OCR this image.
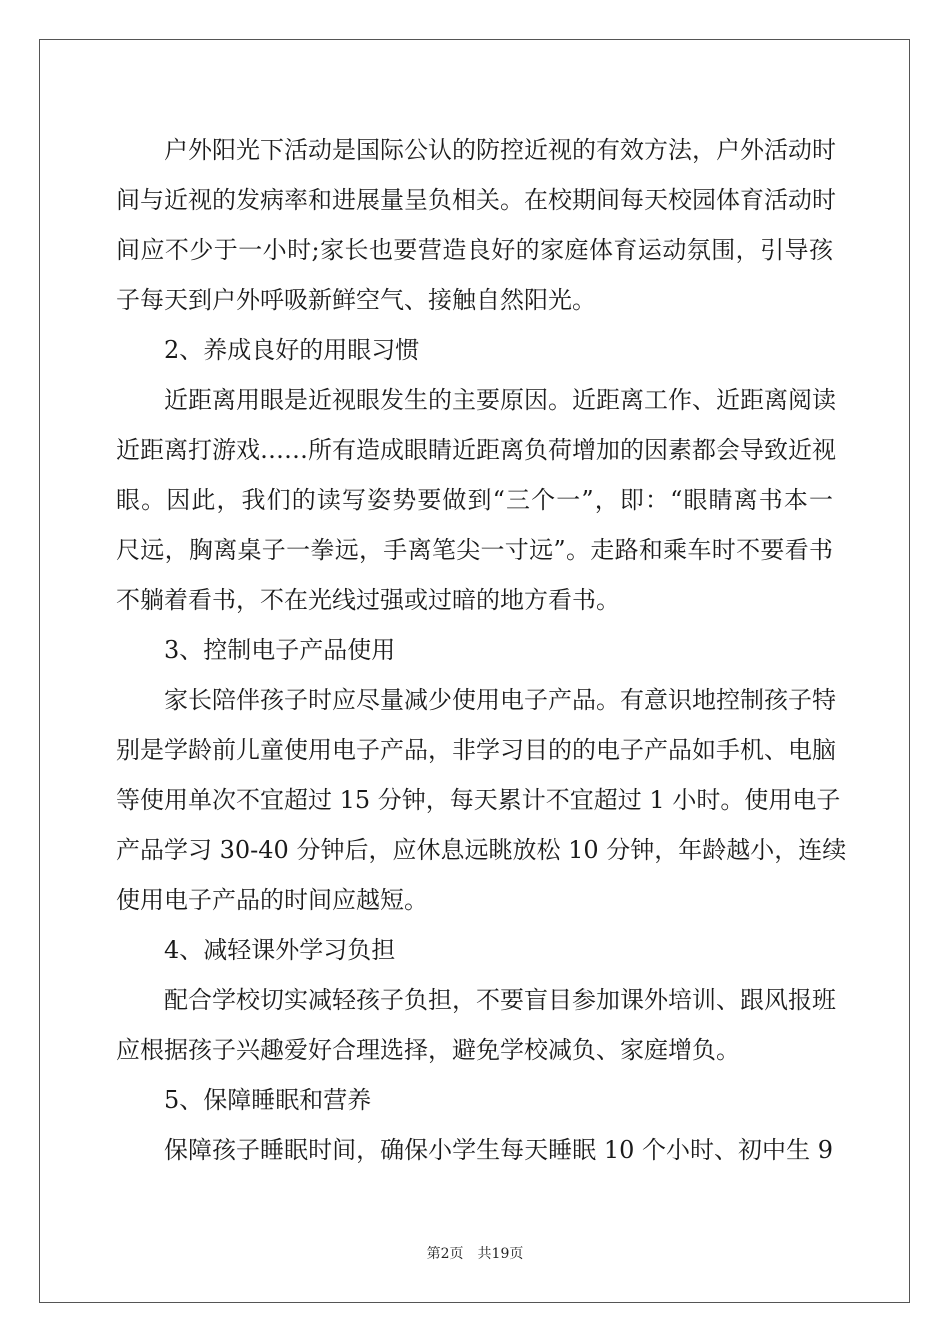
户外阳光下活动是国际公认的防控近视的有效方法，户外活动时
间与近视的发病率和进展量呈负相关。在校期间每天校园体育活动时
间应不少于一小时;家长也要营造良好的家庭体育运动氛围，引导孩
子每天到户外呼吸新鲜空气、接触自然阳光。
2、养成良好的用眼习惯
近距离用眼是近视眼发生的主要原因。近距离工作、近距离阅读
近距离打游戏……所有造成眼睛近距离负荷增加的因素都会导致近视
眼。因此，我们的读写姿势要做到“三个一”，即：“眼睛离书本一
尺远，胸离桌子一拳远，手离笔尖一寸远”。走路和乘车时不要看书
不躺着看书，不在光线过强或过暗的地方看书。
3、控制电子产品使用
家长陪伴孩子时应尽量减少使用电子产品。有意识地控制孩子特
别是学龄前儿童使用电子产品，非学习目的的电子产品如手机、电脑
等使用单次不宜超过 15 分钟，每天累计不宜超过 1 小时。使用电子
产品学习 30-40 分钟后，应休息远眺放松 10 分钟，年龄越小，连续
使用电子产品的时间应越短。
4、减轻课外学习负担
配合学校切实减轻孩子负担，不要盲目参加课外培训、跟风报班
应根据孩子兴趣爱好合理选择，避免学校减负、家庭增负。
5、保障睡眠和营养
保障孩子睡眠时间，确保小学生每天睡眠 10 个小时、初中生 9
第2页 共19页
